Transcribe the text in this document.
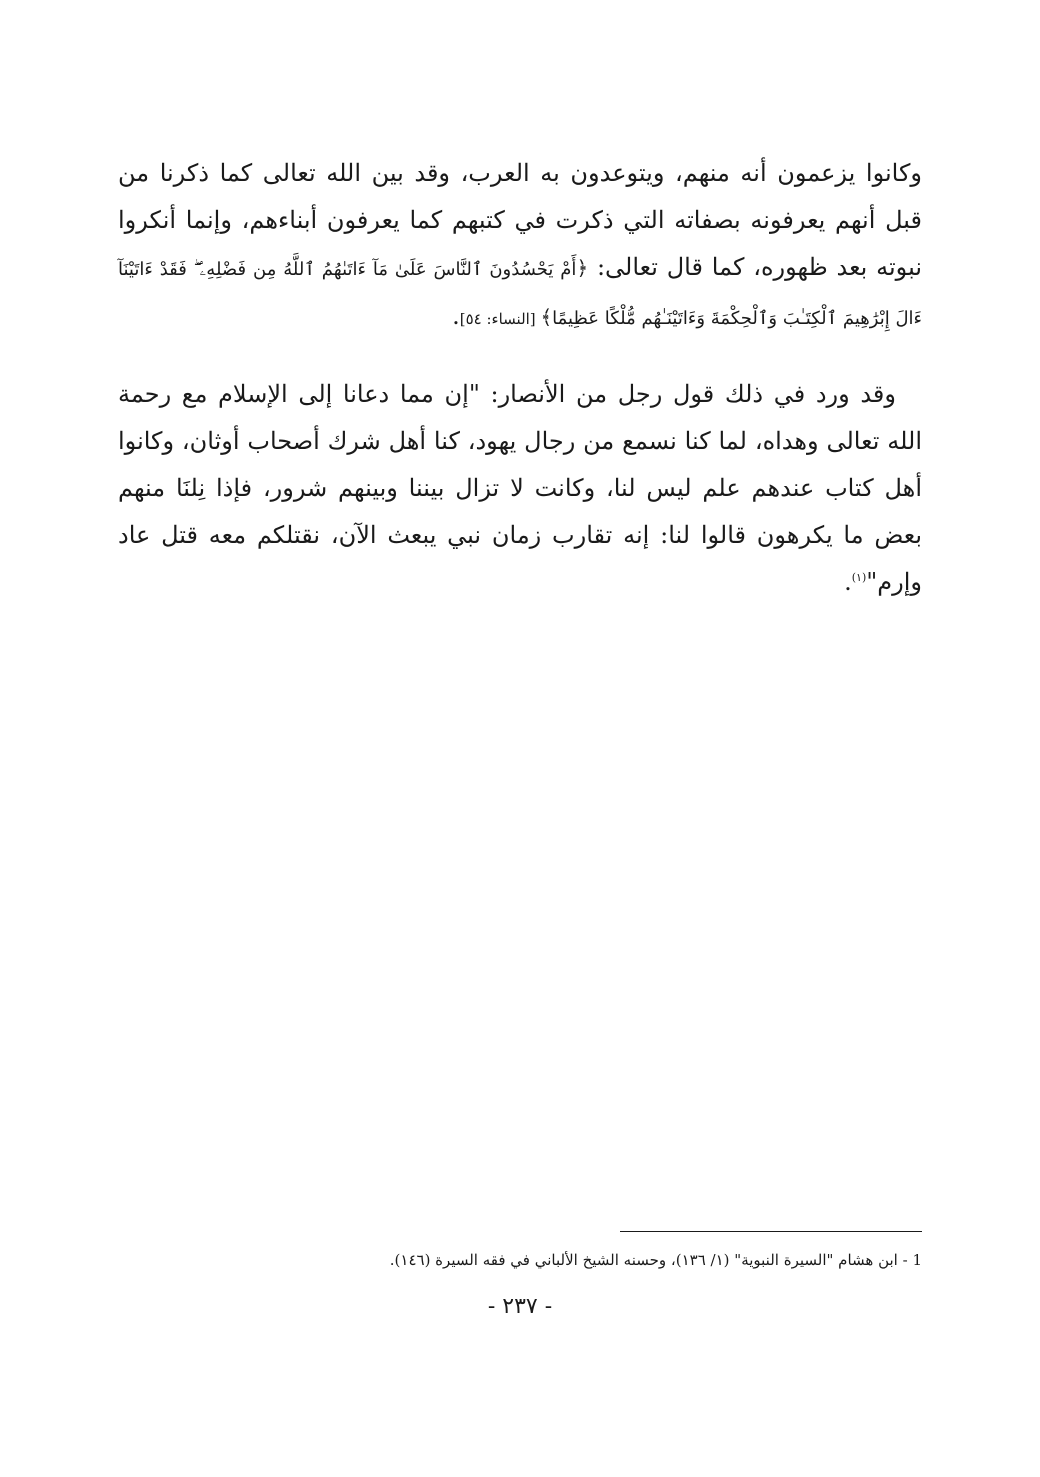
وكانوا يزعمون أنه منهم، ويتوعدون به العرب، وقد بين الله تعالى كما ذكرنا من قبل أنهم يعرفونه بصفاته التي ذكرت في كتبهم كما يعرفون أبناءهم، وإنما أنكروا نبوته بعد ظهوره، كما قال تعالى: ﴿أَمْ يَحْسُدُونَ ٱلنَّاسَ عَلَىٰ مَآ ءَاتَىٰهُمُ ٱللَّهُ مِن فَضْلِهِۦ ۖ فَقَدْ ءَاتَيْنَآ ءَالَ إِبْرَٰهِيمَ ٱلْكِتَـٰبَ وَٱلْحِكْمَةَ وَءَاتَيْنَـٰهُم مُّلْكًا عَظِيمًا﴾ [النساء: ٥٤].

وقد ورد في ذلك قول رجل من الأنصار: "إن مما دعانا إلى الإسلام مع رحمة الله تعالى وهداه، لما كنا نسمع من رجال يهود، كنا أهل شرك أصحاب أوثان، وكانوا أهل كتاب عندهم علم ليس لنا، وكانت لا تزال بيننا وبينهم شرور، فإذا نِلنَا منهم بعض ما يكرهون قالوا لنا: إنه تقارب زمان نبي يبعث الآن، نقتلكم معه قتل عاد وإرم"$^{(١)}$.

1 - ابن هشام "السيرة النبوية" (١/ ١٣٦)، وحسنه الشيخ الألباني في فقه السيرة (١٤٦).

- ٢٣٧ -
